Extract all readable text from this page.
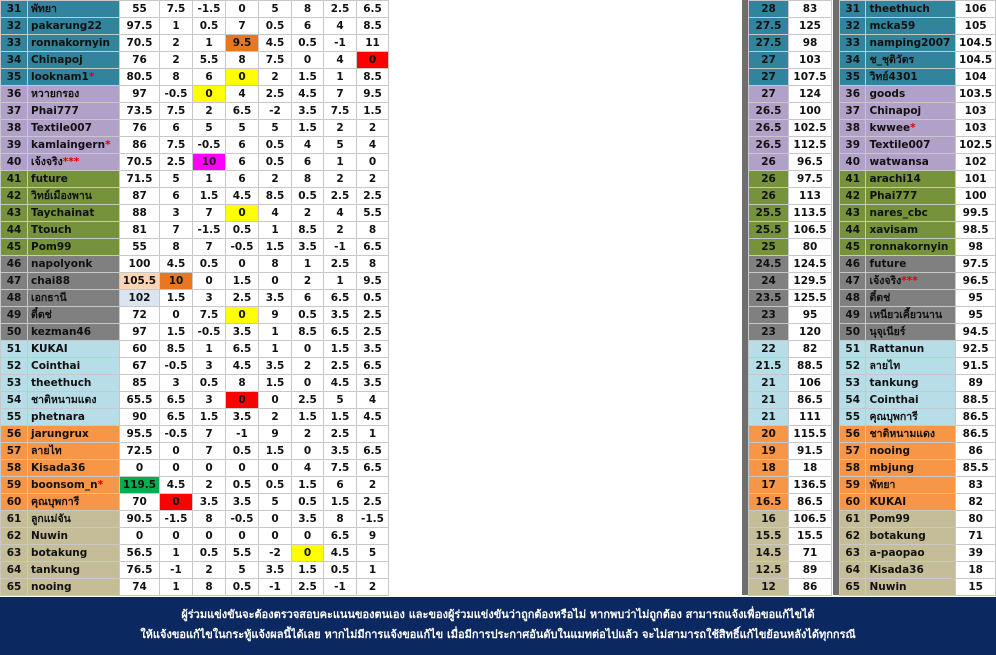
31	พัทยา	55	7.5	-1.5	0	5	8	2.5	6.5
32	pakarung22	97.5	1	0.5	7	0.5	6	4	8.5
33	ronnakornyin	70.5	2	1	9.5	4.5	0.5	-1	11
34	Chinapoj	76	2	5.5	8	7.5	0	4	0
35	looknam1*	80.5	8	6	0	2	1.5	1	8.5
36	หวายกรอง	97	-0.5	0	4	2.5	4.5	7	9.5
37	Phai777	73.5	7.5	2	6.5	-2	3.5	7.5	1.5
38	Textile007	76	6	5	5	5	1.5	2	2
39	kamlaingern*	86	7.5	-0.5	6	0.5	4	5	4
40	เจ้งจริง***	70.5	2.5	10	6	0.5	6	1	0
41	future	71.5	5	1	6	2	8	2	2
42	วิทย์เมืองพาน	87	6	1.5	4.5	8.5	0.5	2.5	2.5
43	Taychainat	88	3	7	0	4	2	4	5.5
44	Ttouch	81	7	-1.5	0.5	1	8.5	2	8
45	Pom99	55	8	7	-0.5	1.5	3.5	-1	6.5
46	napolyonk	100	4.5	0.5	0	8	1	2.5	8
47	chai88	105.5	10	0	1.5	0	2	1	9.5
48	เอกธานี	102	1.5	3	2.5	3.5	6	6.5	0.5
49	ตี๋ตช่	72	0	7.5	0	9	0.5	3.5	2.5
50	kezman46	97	1.5	-0.5	3.5	1	8.5	6.5	2.5
51	KUKAI	60	8.5	1	6.5	1	0	1.5	3.5
52	Cointhai	67	-0.5	3	4.5	3.5	2	2.5	6.5
53	theethuch	85	3	0.5	8	1.5	0	4.5	3.5
54	ชาติหนามแดง	65.5	6.5	3	0	0	2.5	5	4
55	phetnara	90	6.5	1.5	3.5	2	1.5	1.5	4.5
56	jarungrux	95.5	-0.5	7	-1	9	2	2.5	1
57	ลายไท	72.5	0	7	0.5	1.5	0	3.5	6.5
58	Kisada36	0	0	0	0	0	4	7.5	6.5
59	boonsom_n*	119.5	4.5	2	0.5	0.5	1.5	6	2
60	คุณบุพการี	70	0	3.5	3.5	5	0.5	1.5	2.5
61	ลูกแม่จัน	90.5	-1.5	8	-0.5	0	3.5	8	-1.5
62	Nuwin	0	0	0	0	0	0	6.5	9
63	botakung	56.5	1	0.5	5.5	-2	0	4.5	5
64	tankung	76.5	-1	2	5	3.5	1.5	0.5	1
65	nooing	74	1	8	0.5	-1	2.5	-1	2
28	83
27.5	125
27.5	98
27	103
27	107.5
27	124
26.5	100
26.5	102.5
26.5	112.5
26	96.5
26	97.5
26	113
25.5	113.5
25.5	106.5
25	80
24.5	124.5
24	129.5
23.5	125.5
23	95
23	120
22	82
21.5	88.5
21	106
21	86.5
21	111
20	115.5
19	91.5
18	18
17	136.5
16.5	86.5
16	106.5
15.5	15.5
14.5	71
12.5	89
12	86
31	theethuch	106
32	mcka59	105
33	namping2007	104.5
34	ช_ชุติวัตร	104.5
35	วิทย์4301	104
36	goods	103.5
37	Chinapoj	103
38	kwwee*	103
39	Textile007	102.5
40	watwansa	102
41	arachi14	101
42	Phai777	100
43	nares_cbc	99.5
44	xavisam	98.5
45	ronnakornyin	98
46	future	97.5
47	เจ้งจริง***	96.5
48	ตี๋ตช่	95
49	เหนียวเคี้ยวนาน	95
50	นุจุเนียร์	94.5
51	Rattanun	92.5
52	ลายไท	91.5
53	tankung	89
54	Cointhai	88.5
55	คุณบุพการี	86.5
56	ชาติหนามแดง	86.5
57	nooing	86
58	mbjung	85.5
59	พัทยา	83
60	KUKAI	82
61	Pom99	80
62	botakung	71
63	a-paopao	39
64	Kisada36	18
65	Nuwin	15
ผู้ร่วมแข่งขันจะต้องตรวจสอบคะแนนของตนเอง และของผู้ร่วมแข่งขันว่าถูกต้องหรือไม่ หากพบว่าไม่ถูกต้อง สามารถแจ้งเพื่อขอแก้ไขได้
ให้แจ้งขอแก้ไขในกระทู้แจ้งผลนี้ได้เลย หากไม่มีการแจ้งขอแก้ไข เมื่อมีการประกาศอันดับในแมทต่อไปแล้ว จะไม่สามารถใช้สิทธิ์แก้ไขย้อนหลังได้ทุกกรณี
